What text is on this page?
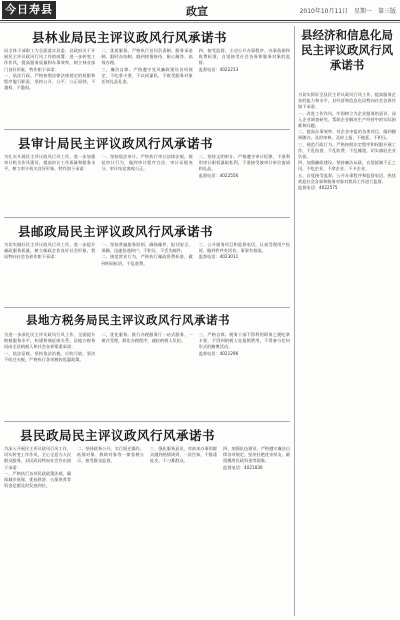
今日寿县	政宣	2010年10月11日 星期一 第三版
县林业局民主评议政风行风承诺书
局全体干部职工为全面落实县委、县政府关于开展民主评议政风行风工作的部署，进一步转变工作作风，提高服务质量和办事效率，树立林业部门良好形象，特作如下承诺：
一、依法行政。严格按照法律法规规定的权限和程序履行职责，坚持公开、公平、公正原则，不越权、不滥权。
二、优质服务。严格执行首问负责制、服务承诺制、限时办结制，做到热情接待、耐心解答、高效办理。
三、廉洁自律。严格遵守党风廉政建设各项规定，不吃拿卡要，不以权谋私，不收受服务对象任何礼品礼金。
四、接受监督。主动公开办事程序、办事依据和收费标准，自觉接受社会各界和服务对象的监督。
监督电话：4022213
县审计局民主评议政风行风承诺书
为扎实开展民主评议政风行风工作，进一步加强审计机关作风建设，提高审计工作质量和服务水平，树立审计机关良好形象，特作如下承诺：
一、坚持依法审计。严格执行审计法律法规，规范审计行为，做到审计程序合法、审计证据充分、审计结论客观公正。
二、坚持文明审计。严格遵守审计纪律，不准利用审计职权谋取私利，不准接受被审计单位宴请和礼品。
监督电话：4022556
县邮政局民主评议政风行风承诺书
为切实做好民主评议政风行风工作，进一步提升邮政服务质量，树立邮政企业良好社会形象，我局特向社会各界作如下承诺：
一、坚持普遍服务原则，确保邮件、报刊安全、准确、迅速投递到户，不积压、不丢失邮件。
二、规范营业行为，严格执行邮政资费标准，做到明码标价，不乱收费。
三、公开服务项目和监督电话，认真受理用户投诉，做到件件有回音、事事有着落。
监督电话：4023011
县地方税务局民主评议政风行风承诺书
为进一步深化民主评议政风行风工作，全面提升纳税服务水平，构建和谐征纳关系，县地方税务局向全县纳税人和社会各界郑重承诺：
一、依法征税。坚持依法治税，应收尽收，坚决不收过头税，严格执行各项税收优惠政策。
二、优化服务。推行办税服务厅一站式服务、一窗式受理，简化办税程序，减轻纳税人负担。
三、严格自律。税务干部不得利用职务之便吃拿卡要，不得到纳税人处报销费用，不得参与任何形式的赌博活动。
监督电话：4021296
县民政局民主评议政风行风承诺书
为深入开展民主评议政风行风工作，切实转变工作作风，全心全意为人民群众服务，县民政局特向社会作出如下承诺：
一、严格执行各项民政政策法规，确保城乡低保、优抚救济、五保供养等资金足额及时发放到位。
二、坚持政务公开，实行阳光操作，低保对象、救助对象等一律张榜公示，接受群众监督。
三、强化服务意识，对前来办事的群众做到热情周到、一次告知，不推诿扯皮，不刁难群众。
四、加强队伍建设，严格遵守廉洁自律各项规定，坚决杜绝优亲厚友、截留挪用民政资金等现象。
监督电话：4021830
县经济和信息化局民主评议政风行风承诺书
为切实抓好全县民主评议政风行风工作，提高服务企业的能力和水平，县经济和信息化局特向社会各界作如下承诺：
一、改进工作作风。牢固树立为企业服务的意识，深入企业调查研究，帮助企业解决生产经营中的实际困难和问题。
二、提高办事效率。对企业申报的各类项目，做到随到随办，及时审核、及时上报，不拖延、不积压。
三、规范行政行为。严格按照法定程序和权限开展工作，不乱检查、不乱收费、不乱摊派，切实减轻企业负担。
四、加强廉政建设。坚持廉洁从政，自觉抵制不正之风，不吃企业、不拿企业、不卡企业。
五、自觉接受监督。公开办事程序和监督电话，热忱欢迎社会各界和服务对象对我局工作进行监督。
监督电话：4022575
